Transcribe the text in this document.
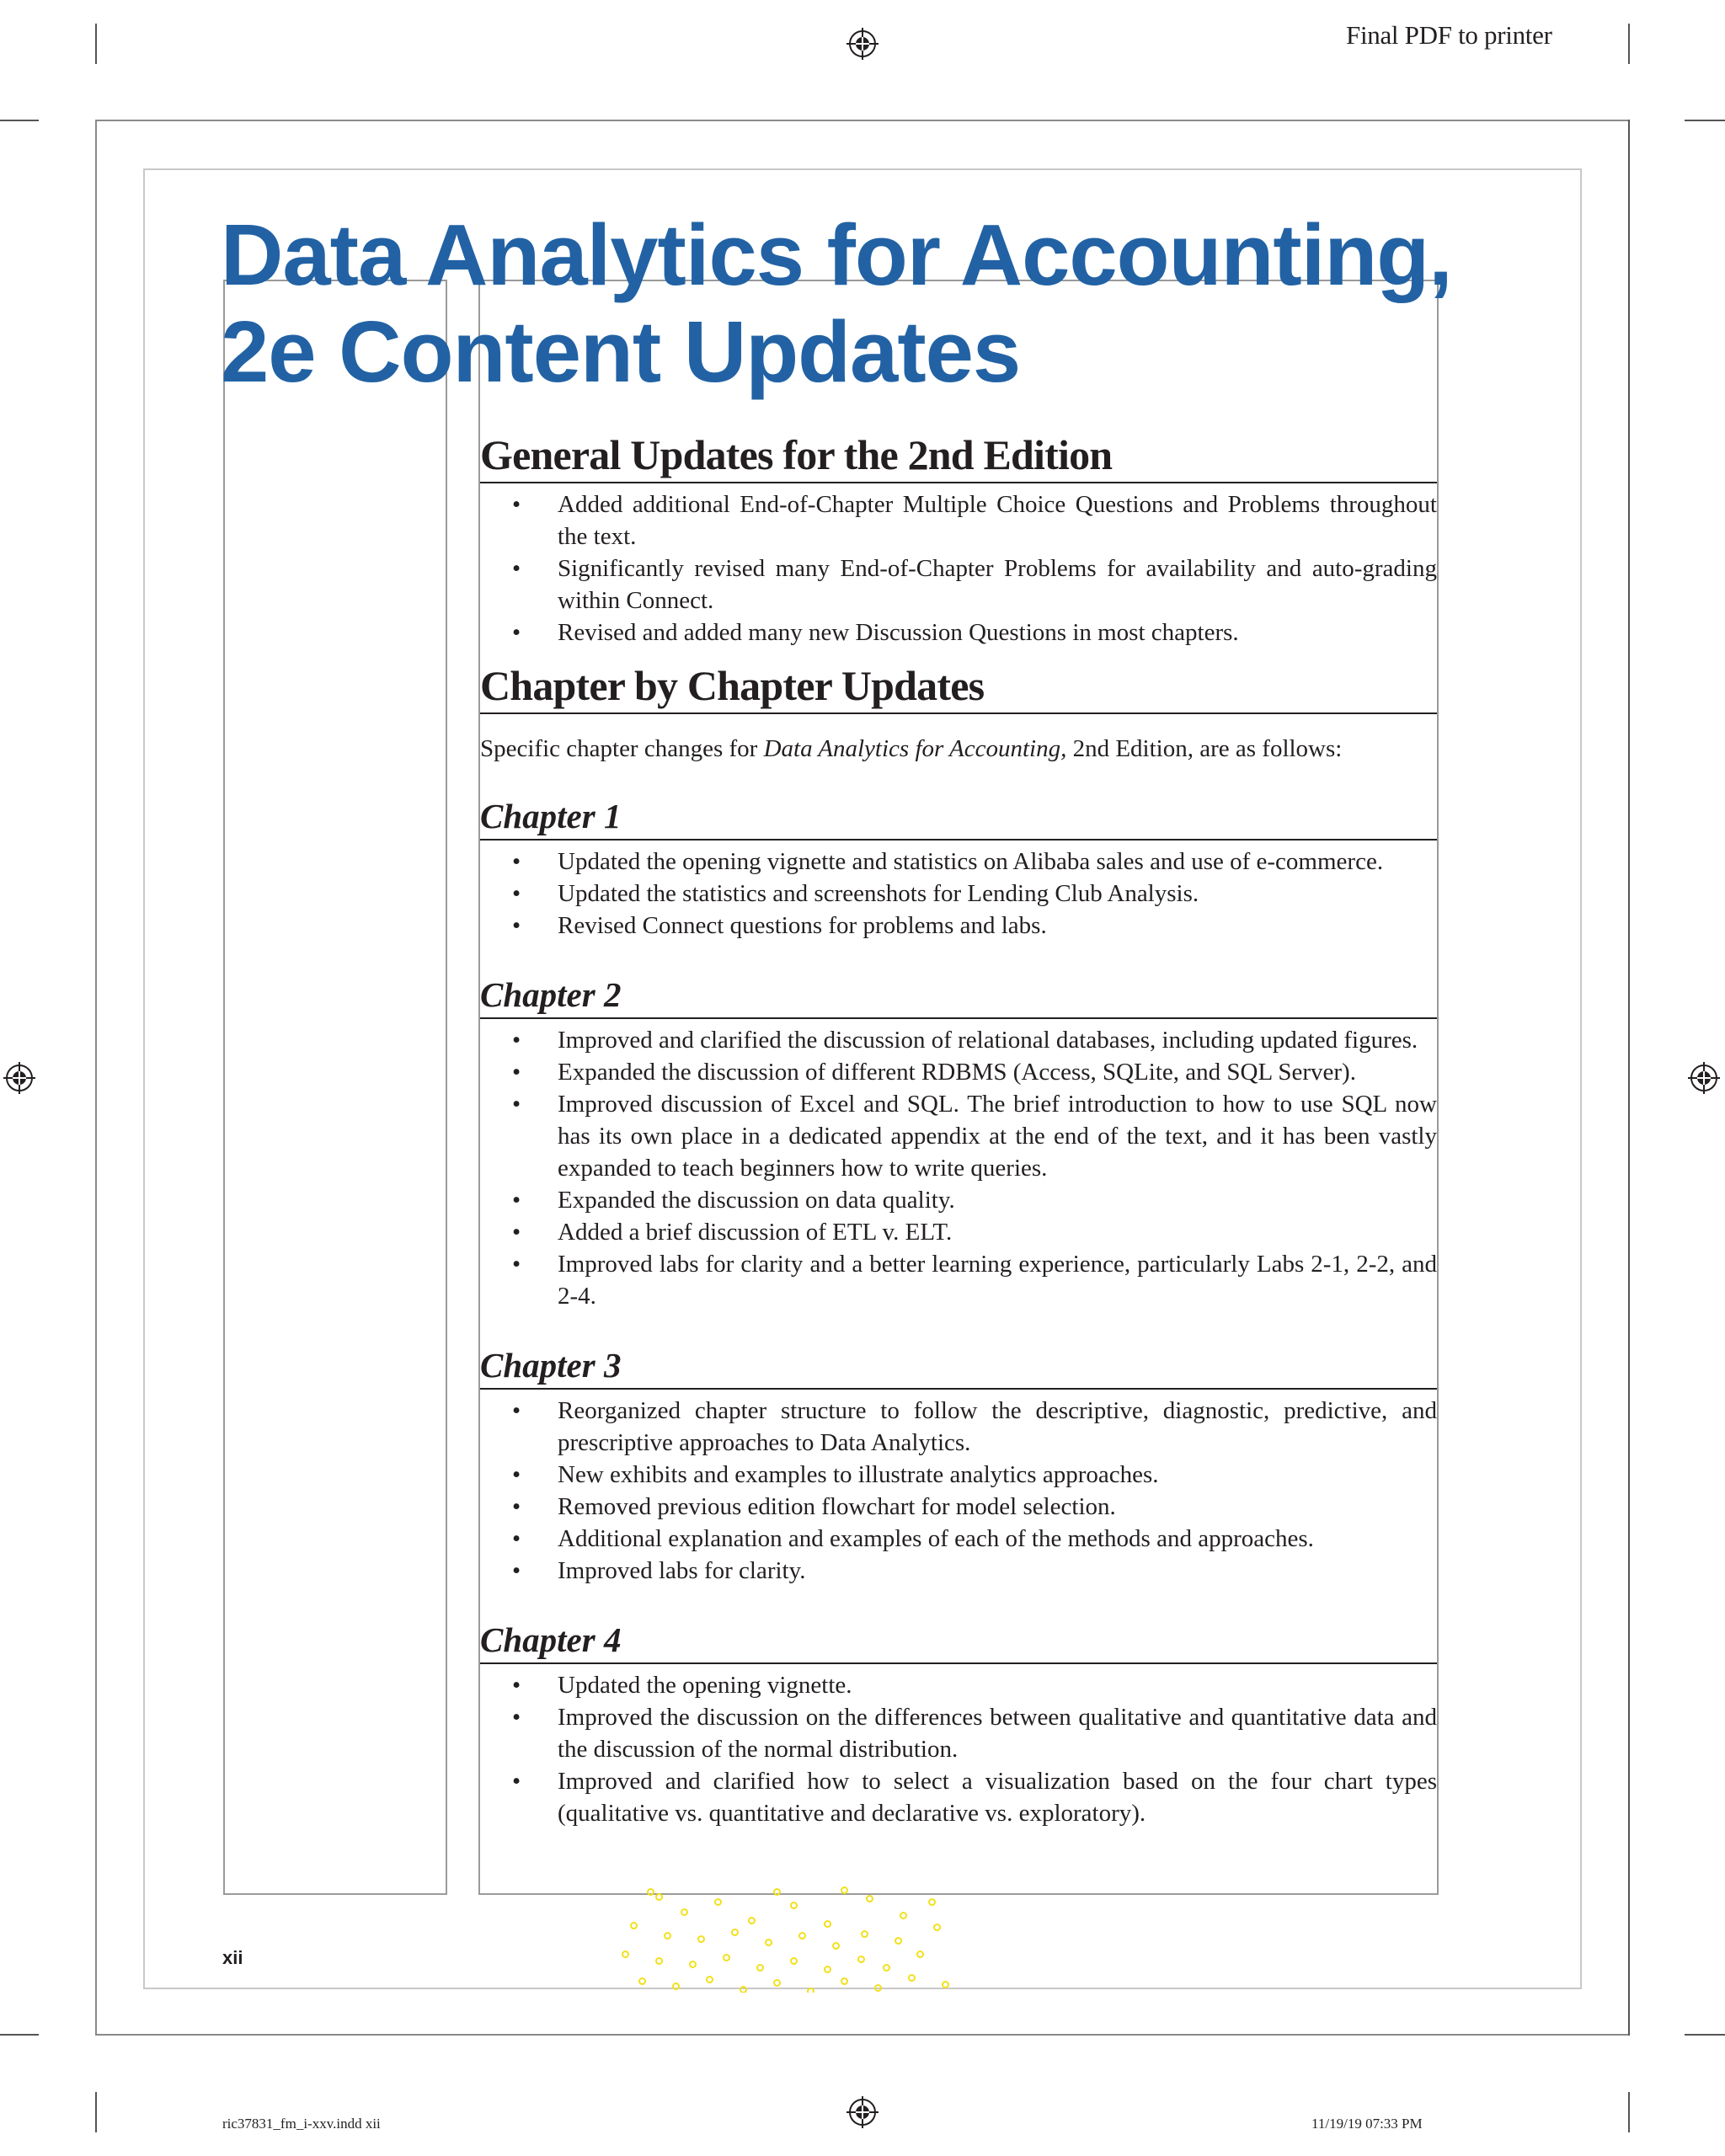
Final PDF to printer
Data Analytics for Accounting,
2e Content Updates
General Updates for the 2nd Edition
• Added additional End-of-Chapter Multiple Choice Questions and Problems throughout the text.
• Significantly revised many End-of-Chapter Problems for availability and auto-grading within Connect.
• Revised and added many new Discussion Questions in most chapters.
Chapter by Chapter Updates

Specific chapter changes for Data Analytics for Accounting, 2nd Edition, are as follows:

Chapter 1
• Updated the opening vignette and statistics on Alibaba sales and use of e-commerce.
• Updated the statistics and screenshots for Lending Club Analysis.
• Revised Connect questions for problems and labs.
Chapter 2
• Improved and clarified the discussion of relational databases, including updated figures.
• Expanded the discussion of different RDBMS (Access, SQLite, and SQL Server).
• Improved discussion of Excel and SQL. The brief introduction to how to use SQL now has its own place in a dedicated appendix at the end of the text, and it has been vastly expanded to teach beginners how to write queries.
• Expanded the discussion on data quality.
• Added a brief discussion of ETL v. ELT.
• Improved labs for clarity and a better learning experience, particularly Labs 2-1, 2-2, and 2-4.
Chapter 3
• Reorganized chapter structure to follow the descriptive, diagnostic, predictive, and prescriptive approaches to Data Analytics.
• New exhibits and examples to illustrate analytics approaches.
• Removed previous edition flowchart for model selection.
• Additional explanation and examples of each of the methods and approaches.
• Improved labs for clarity.
Chapter 4
• Updated the opening vignette.
• Improved the discussion on the differences between qualitative and quantitative data and the discussion of the normal distribution.
• Improved and clarified how to select a visualization based on the four chart types (qualitative vs. quantitative and declarative vs. exploratory).
xii
ric37831_fm_i-xxv.indd xii	11/19/19 07:33 PM
